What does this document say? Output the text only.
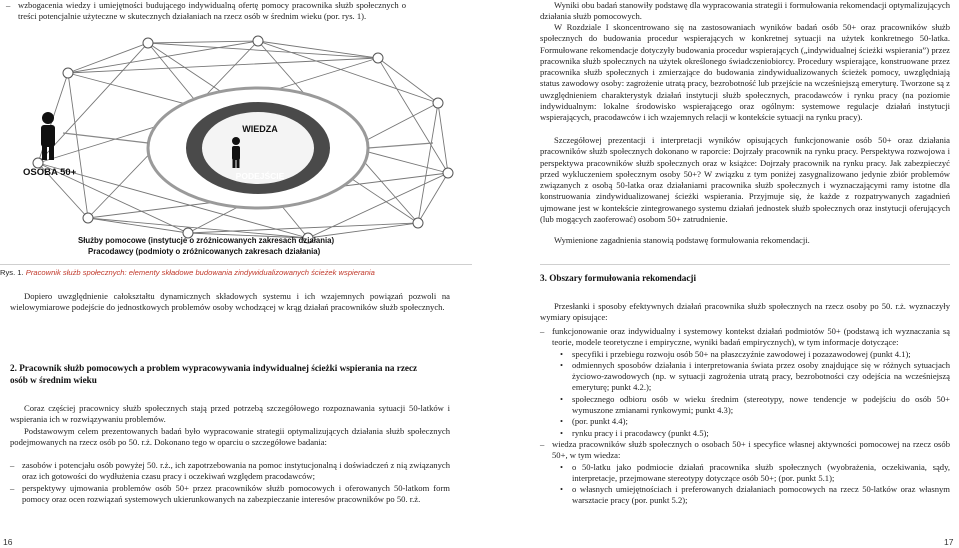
– wzbogacenia wiedzy i umiejętności budującego indywidualną ofertę pomocy pracownika służb społecznych o treści potencjalnie użyteczne w skutecznych działaniach na rzecz osób w średnim wieku (por. rys. 1).
WIEDZA
PODEJŚCIE
OSOBA 50+
Służby pomocowe (instytucje o zróżnicowanych zakresach działania)
Pracodawcy (podmioty o zróżnicowanych zakresach działania)
Rys. 1. Pracownik służb społecznych: elementy składowe budowania zindywidualizowanych ścieżek wspierania

Dopiero uwzględnienie całokształtu dynamicznych składowych systemu i ich wzajemnych powiązań pozwoli na wielowymiarowe podejście do jednostkowych problemów osoby wchodzącej w krąg działań pracowników służb społecznych.

2. Pracownik służb pomocowych a problem wypracowywania indywidualnej ścieżki wspierania na rzecz osób w średnim wieku

Coraz częściej pracownicy służb społecznych stają przed potrzebą szczegółowego rozpoznawania sytuacji 50-latków i wspierania ich w rozwiązywaniu problemów.

Podstawowym celem prezentowanych badań było wypracowanie strategii optymalizujących działania służb społecznych podejmowanych na rzecz osób po 50. r.ż. Dokonano tego w oparciu o szczegółowe badania:

– zasobów i potencjału osób powyżej 50. r.ż., ich zapotrzebowania na pomoc instytucjonalną i doświadczeń z nią związanych oraz ich gotowości do wydłużenia czasu pracy i oczekiwań względem pracodawców;
– perspektywy ujmowania problemów osób 50+ przez pracowników służb pomocowych i oferowanych 50-latkom form pomocy oraz ocen rozwiązań systemowych ukierunkowanych na zabezpieczanie interesów pracowników po 50. r.ż.
16

Wyniki obu badań stanowiły podstawę dla wypracowania strategii i formułowania rekomendacji optymalizujących działania służb pomocowych.

W Rozdziale I skoncentrowano się na zastosowaniach wyników badań osób 50+ oraz pracowników służb społecznych do budowania procedur wspierających w konkretnej sytuacji na użytek konkretnego 50-latka. Formułowane rekomendacje dotyczyły budowania procedur wspierających („indywidualnej ścieżki wspierania”) przez pracownika służb społecznych na użytek określonego świadczeniobiorcy. Procedury wspierające, konstruowane przez pracownika służb społecznych i zmierzające do budowania zindywidualizowanych ścieżek pomocy, uwzględniają status zawodowy osoby: zagrożenie utratą pracy, bezrobotność lub przejście na wcześniejszą emeryturę. Tworzone są z uwzględnieniem charakterystyk działań instytucji służb społecznych, pracodawców i rynku pracy (na poziomie indywidualnym: lokalne środowisko wspierającego oraz ogólnym: systemowe regulacje działań instytucji wspierających, pracodawców i ich wzajemnych relacji w kontekście sytuacji na rynku pracy).

Szczegółowej prezentacji i interpretacji wyników opisujących funkcjonowanie osób 50+ oraz działania pracowników służb społecznych dokonano w raporcie: Dojrzały pracownik na rynku pracy. Perspektywa rozwojowa i perspektywa pracowników służb społecznych oraz w książce: Dojrzały pracownik na rynku pracy. Jak zabezpieczyć przed wykluczeniem społecznym osoby 50+? W związku z tym poniżej zasygnalizowano jedynie zbiór problemów związanych z osobą 50-latka oraz działaniami pracownika służb społecznych i wyznaczającymi ramy istotne dla konstruowania zindywidualizowanej ścieżki wspierania. Przyjmuje się, że każde z rozpatrywanych zagadnień ujmowane jest w kontekście zintegrowanego systemu działań jednostek służb społecznych oraz instytucji oferujących (lub mogących zaoferować) osobom 50+ zatrudnienie.

Wymienione zagadnienia stanowią podstawę formułowania rekomendacji.

3. Obszary formułowania rekomendacji

Przesłanki i sposoby efektywnych działań pracownika służb społecznych na rzecz osoby po 50. r.ż. wyznaczyły wymiary opisujące:

– funkcjonowanie oraz indywidualny i systemowy kontekst działań podmiotów 50+ (podstawą ich wyznaczania są teorie, modele teoretyczne i empiryczne, wyniki badań empirycznych), w tym informacje dotyczące:
• specyfiki i przebiegu rozwoju osób 50+ na płaszczyźnie zawodowej i pozazawodowej (punkt 4.1);
• odmiennych sposobów działania i interpretowania świata przez osoby znajdujące się w różnych sytuacjach życiowo-zawodowych (np. w sytuacji zagrożenia utratą pracy, bezrobotności czy odejścia na wcześniejszą emeryturę; punkt 4.2.);
• społecznego odbioru osób w wieku średnim (stereotypy, nowe tendencje w podejściu do osób 50+ wymuszone zmianami rynkowymi; punkt 4.3);
• (por. punkt 4.4);
• rynku pracy i i pracodawcy (punkt 4.5);
– wiedza pracowników służb społecznych o osobach 50+ i specyfice własnej aktywności pomocowej na rzecz osób 50+, w tym wiedza:
• o 50-latku jako podmiocie działań pracownika służb społecznych (wyobrażenia, oczekiwania, sądy, interpretacje, przejmowane stereotypy dotyczące osób 50+; (por. punkt 5.1);
• o własnych umiejętnościach i preferowanych działaniach pomocowych na rzecz 50-latków oraz własnym warsztacie pracy (por. punkt 5.2);
17
